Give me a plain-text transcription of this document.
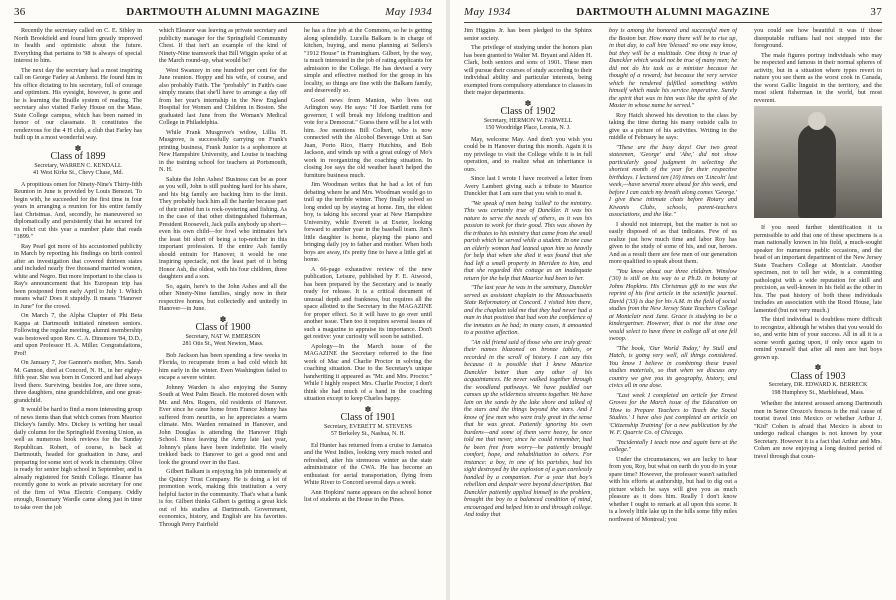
36	DARTMOUTH ALUMNI MAGAZINE	May 1934

Recently the secretary called on C. E. Sibley in North Brookfield and found him greatly improved in health and optimistic about the future. Everything that pertains to '98 is always of special interest to him.

The next day the secretary had a most inspiring call on George Farley at Amherst. He found him in his office dictating to his secretary, full of courage and optimism. His eyesight, however, is gone and he is learning the Braille system of reading. The secretary also visited Farley House on the Mass. State College campus, which has been named in honor of our classmate. It constitutes the rendezvous for the 4 H club, a club that Farley has built up in a most wonderful way.

✽
Class of 1899
Secretary, WARREN C. KENDALL
41 West Kirke St., Chevy Chase, Md.

A propitious omen for Ninety-Nine's Thirty-fifth Reunion in June is provided by Louis Benezet. To begin with, he succeeded for the first time in four years in arranging a reunion for his entire family last Christmas. And, secondly, he maneuvered so diplomatically and persistently that he secured for its relict cut this year a number plate that reads "1899."

Ray Pearl got more of his accustomed publicity in March by reporting his findings on birth control after an investigation that covered thirteen states and included nearly five thousand married women, white and Negro. But more important to the class is Ray's announcement that his European trip has been postponed from early April to July 1. Which means what? Does it stupidly. It means "Hanover in June" for the crowd.

On March 7, the Alpha Chapter of Phi Beta Kappa at Dartmouth initiated nineteen seniors. Following the regular meeting, alumni membership was bestowed upon Rev. C. A. Dinsmore '84, D.D., and upon Professor H. A. Miller. Congratulations, Prof!

On January 7, Joe Gannon's mother, Mrs. Sarah M. Gannon, died at Concord, N. H., in her eighty-fifth year. She was born in Concord and had always lived there. Surviving, besides Joe, are three sons, three daughters, nine grandchildren, and one great-grandchild.

It would be hard to find a more interesting group of news items than that which comes from Maurice Dickey's family. Mrs. Dickey is writing her usual daily column for the Springfield Evening Union, as well as numerous book reviews for the Sunday Republican. Robert, of course, is back at Dartmouth, headed for graduation in June, and preparing for some sort of work in chemistry. Olive is ready for senior high school in September, and is already registered for Smith College. Eleanor has recently gone to work as private secretary for one of the firm of Wiss Electric Company. Oddly enough, Rosemary Wardle came along just in time to take over the job

which Eleanor was leaving as private secretary and publicity manager for the Springfield Community Chest. If that isn't an example of the kind of Ninety-Nine teamwork that Bill Wiggin spoke of at the March round-up, what would be?

West Swanzey in one hundred per cent for the June reunion. Hoppy and his wife, of course, and also probably Faith. The "probably" in Faith's case simply means that she'll have to arrange a day off from her year's internship in the New England Hospital for Women and Children in Boston. She graduated last June from the Woman's Medical College in Philadelphia.

While Frank Musgrove's widow, Lillia H. Musgrove, is successfully carrying on Frank's printing business, Frank Junior is a sophomore at New Hampshire University, and Louise is teaching in the training school for teachers at Portsmouth, N. H.

Salute the John Ashes! Business can be as poor as you will, John is still pushing hard for his share, and his big family are backing him to the limit. They probably back him all the harder because part of their united fun is rock-oystering and fishing. As in the case of that other distinguished fisherman, President Roosevelt, Jack pulls anybody up short—even his own child—for fowl who intimates he's the least bit short of being a top-notcher in this important profession. If the entire Ash family should entrain for Hanover, it would be one inspiring spectacle, not the least part of it being Honor Ash, the oldest, with his four children, three daughters and a son.

So, again, here's to the John Ashes and all the other Ninety-Nine families, singly now in their respective homes, but collectedly and unitedly in Hanover—in June.

✽
Class of 1900
Secretary, NAT W. EMERSON
281 Otis St., West Newton, Mass.

Bob Jackson has been spending a few weeks in Florida, to recuperate from a bad cold which hit him early in the winter. Even Washington failed to escape a severe winter.

Johnny Warden is also enjoying the Sunny South at West Palm Beach. He motored down with Mr. and Mrs. Rogers, old residents of Hanover. Ever since he came home from France Johnny has suffered from neuritis, so he appreciates a warm climate. Mrs. Warden remained in Hanover, and John Douglas is attending the Hanover High School. Since leaving the Army late last year, Johnny's plans have been indefinite. He wisely trekked back to Hanover to get a good rest and look the ground over in the East.

Gilbert Balkam is enjoying his job immensely at the Quincy Trust Company. He is doing a lot of promotion work, making this institution a very helpful factor in the community. That's what a bank is for. Gilbert thinks Gilbert is getting a great kick out of his studies at Dartmouth. Government, economics, history, and English are his favorites. Through Perry Fairfield

he has a fine job at the Commons, so he is getting along splendidly. Lucella Balkam is in charge of kitchen, buying, and menu planning at Sellers's "1912 House" in Framingham. Gilbert, by the way, is much interested in the job of rating applicants for admission to the College. He has devised a very simple and effective method for the group in his locality, so things are fine with the Balkam family, and deservedly so.

Good news from Manion, who lives out Arlington way. He says: "If Joe Bartlett runs for governor, I will break my lifelong tradition and vote for a Democrat." Guess there will be a lot with him. Joe mentions Bill Colbert, who is now connected with the Alcohol Beverage Unit at San Juan, Porto Rico, Harry Hutchins, and Bob Jackson, and winds up with a great eulogy of Mo's work in reorganizing the coaching situation. In closing Joe says the old weather hasn't helped the furniture business much.

Jim Woodman writes that he had a lot of fun debating where he and Mrs. Woodman would go to trail up the terrible winter. They finally solved so long ended up by staying at home. Jim, the eldest boy, is taking his second year at New Hampshire University, while Everett is at Exeter, looking forward to another year in the baseball team. Jim's little daughter is home, playing the piano and bringing daily joy to father and mother. When both boys are away, it's pretty fine to have a little girl at home.

A 66-page exhaustive review of the new publication, Leisure, published by F. E. Atwood, has been prepared by the Secretary and is nearly ready for release. It is a critical document of unusual depth and frankness, but requires all the space allotted to the Secretary in the MAGAZINE for proper effect. So it will have to go over until another issue. Then too it requires several issues of such a magazine to appraise its importance. Don't get restive: your curiosity will soon be satisfied.

Apology—In the March issue of the MAGAZINE the Secretary referred to the fine work of Mac and Charlie Proctor in solving the coaching situation. Due to the Secretary's unique handwriting it appeared as "Mr. and Mrs. Proctor." While I highly respect Mrs. Charlie Proctor, I don't think she had much of a hand in the coaching situation except to keep Charles happy.

✽
Class of 1901
Secretary, EVERETT M. STEVENS
57 Berkeley St., Nashua, N. H.

Ed Hunter has returned from a cruise to Jamaica and the West Indies, looking very much rested and refreshed, after his strenuous winter as the state administrator of the CWA. He has become an enthusiast for aerial transportation, flying from White River to Concord several days a week.

Ann Hopkins' name appears on the school honor list of students at the House in the Pines.

May 1934	DARTMOUTH ALUMNI MAGAZINE	37

Jim Higgins Jr. has been pledged to the Sphinx senior society.

The privilege of studying under the honors plan has been granted to Walter M. Bryant and Alden H. Clark, both seniors and sons of 1901. These men will pursue their courses of study according to their individual ability and particular interests, being exempted from compulsory attendance to classes in their major departments.

✽
Class of 1902
Secretary, HERMON W. FARWELL
150 Woodridge Place, Leonia, N. J.

May, welcome May. And don't you wish you could be in Hanover during this month. Again it is my privilege to visit the College while it is in full operation, and to realize what an inheritance is ours.

Since last I wrote I have received a letter from Avery Lambert giving such a tribute to Maurice Dunckler that I am sure that you wish to read it.

"We speak of men being 'called' to the ministry. This was certainly true of Dunckler. It was his nature to serve the needs of others, as it was his passion to work for their good. This was shown by the tributes to his ministry that came from the small parish which he served while a student. In one case an elderly woman had leaned upon him so heavily for help that when she died it was found that she had left a small property in Meriden to him, and that she regarded this cottage as an inadequate return for the help that Maurice had been to her.

"The last year he was in the seminary, Dunckler served as assistant chaplain to the Massachusetts State Reformatory at Concord. I visited him there, and the chaplain told me that they had never had a man in that position that had won the confidence of the inmates as he had; in many cases, it amounted to a positive affection.

"An old friend said of those who are truly great: their names blazoned on bronze tablets, or recorded in the scroll of history. I can say this because it is possible that I knew Maurice Dunckler better than any other of his acquaintances. He never walked together through the woodland pathways. We have paddled our canoes up the wilderness streams together. We have lain on the sands by the lake shore and talked of the stars and the things beyond the stars. And I know of few men who were truly great in the sense that he was great. Patiently ignoring his own burdens—and some of them were heavy, he once told me that never, since he could remember, had he been free from worry—he patiently brought comfort, hope, and rehabilitation to others. For instance: a boy, in one of his parishes, had his sight destroyed by the explosion of a gun carelessly handled by a companion. For a year that boy's rebellion and despair were beyond description. But Dunckler patiently applied himself to the problem, brought the boy to a balanced condition of mind, encouraged and helped him to and through college. And today that

boy is among the honored and successful men of the Boston bar. How many there will be to rise up, in that day, to call him 'blessed' no one may know, but they will be a multitude. One thing is true of Dunckler which would not be true of many men; he did not do his task as a minister because he thought of a reward; but because the very service which he rendered fulfilled something within himself which made his service imperative. Surely the spirit that was in him was like the spirit of the Master in whose name he served."

Roy Hatch showed his devotion to the class by taking the time during his many outside calls to give us a picture of his activities. Writing in the middle of February he says:

"These are the busy days! Our two great statesmen, 'George' and 'Abe,' did not show particularly good judgment in selecting the shortest month of the year for their respective birthdays. I lectured ten (10) times on 'Lincoln' last week,—have several more ahead for this week, and before I can catch my breath along comes 'George.' I give these intimate chats before Rotary and Kiwanis Clubs, schools, parent-teachers associations, and the like."

I should not interrupt, but the matter is not so easily disposed of as that indicates. Few of us realize just how much time and labor Roy has given to the study of some of his, and our, heroes. And as a result there are few men of our generation more qualified to speak about them.

"You know about our three children. Winslow ('30) is still on his way to a Ph.D. in botany at Johns Hopkins. His Christmas gift to me was the reprint of his first article in the scientific journal. David ('33) is due for his A.M. in the field of social studies from the New Jersey State Teachers College at Montclair next June. Grace is studying to be a kindergartner. However, that is not the time one would select to have three in college all at one fell swoop.

"The book, 'Our World Today,' by Stull and Hatch, is going very well, all things considered. You know I believe in combining these travel studies materials, so that when we discuss any country we give you its geography, history, and civics all in one dose.

"Last week I completed an article for Ernest Groves for the March issue of the Education on 'How to Prepare Teachers to Teach the Social Studies.' I have also just completed an article on 'Citizenship Training' for a new publication by the W. F. Quarrie Co. of Chicago.

"Incidentally I teach now and again here at the college."

Under the circumstances, we are lucky to hear from you, Roy, but what on earth do you do in your spare time? However, the professor wasn't satisfied with his efforts at authorship, but had to dig out a picture which he says will give you as much pleasure as it does him. Really I don't know whether I ought to remark at all upon this scene. It is a lovely little lake up in the hills some fifty miles northwest of Montreal; you

you could see how beautiful it was if those disreputable ruffians had not stepped into the foreground.

The male figures portray individuals who may be respected and famous in their normal spheres of activity, but in a situation where types revert to nature you see them as the worst cook in Canada, the worst Gallic linguist in the territory, and the most silent fisherman in the world, but most reverent.

If you need further identification it is permissible to add that one of these specimens is a man nationally known in his field, a much-sought speaker for numerous public occasions, and the head of an important department of the New Jersey State Teachers College at Montclair. Another specimen, not to tell her wide, is a committing pathologist with a wide reputation for skill and precision, as well-known in his field as the other in his. The past history of both these individuals includes an association with the Rood House, late lamented (but not very much.)

The third individual is doubtless more difficult to recognize, although he wishes that you would do so, and write him of your success. All in all it is a scene worth gazing upon, if only once again to remind yourself that after all men are but boys grown up.

✽
Class of 1903
Secretary, DR. EDWARD K. BERRECK
198 Humphrey St., Marblehead, Mass.

Whether the interest aroused among Dartmouth men in Senor Orozco's frescos is the real cause of tourist travel into Mexico or whether Arthur J. "Kid" Cohen is afraid that Mexico is about to undergo radical changes is not known by your Secretary. However it is a fact that Arthur and Mrs. Cohen are now enjoying a long desired period of travel through that coun-
